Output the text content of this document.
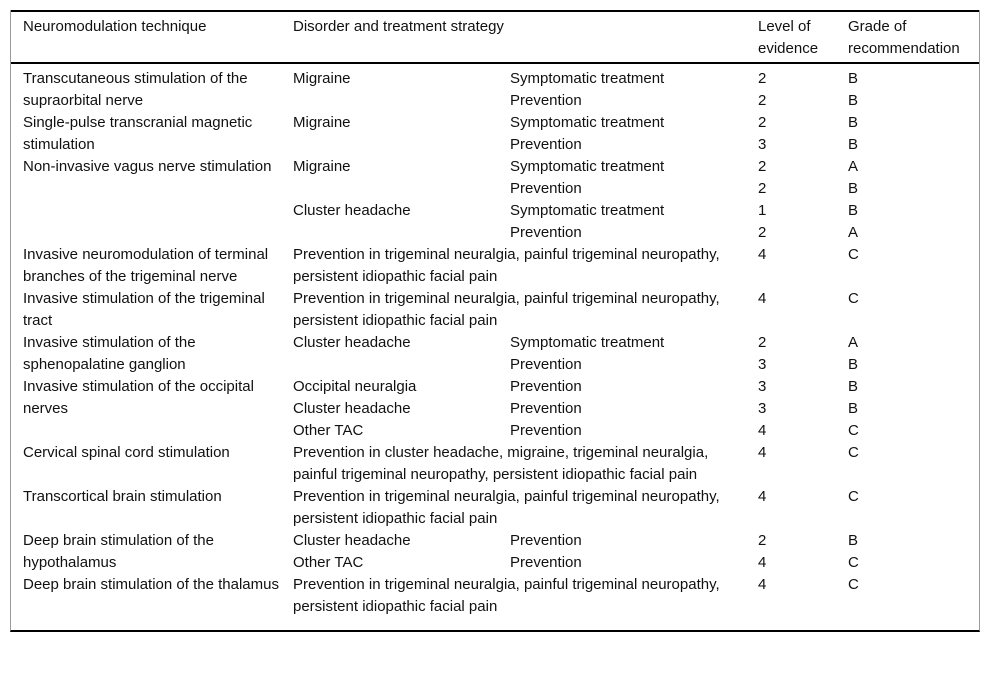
Neuromodulation technique	Disorder and treatment strategy		Level of evidence	Grade of recommendation
Transcutaneous stimulation of the supraorbital nerve	Migraine	Symptomatic treatment	2	B
		Prevention	2	B
Single-pulse transcranial magnetic stimulation	Migraine	Symptomatic treatment	2	B
		Prevention	3	B
Non-invasive vagus nerve stimulation	Migraine	Symptomatic treatment	2	A
		Prevention	2	B
	Cluster headache	Symptomatic treatment	1	B
		Prevention	2	A
Invasive neuromodulation of terminal branches of the trigeminal nerve	Prevention in trigeminal neuralgia, painful trigeminal neuropathy, persistent idiopathic facial pain		4	C
Invasive stimulation of the trigeminal tract	Prevention in trigeminal neuralgia, painful trigeminal neuropathy, persistent idiopathic facial pain		4	C
Invasive stimulation of the sphenopalatine ganglion	Cluster headache	Symptomatic treatment	2	A
		Prevention	3	B
Invasive stimulation of the occipital nerves	Occipital neuralgia	Prevention	3	B
	Cluster headache	Prevention	3	B
	Other TAC	Prevention	4	C
Cervical spinal cord stimulation	Prevention in cluster headache, migraine, trigeminal neuralgia, painful trigeminal neuropathy, persistent idiopathic facial pain		4	C
Transcortical brain stimulation	Prevention in trigeminal neuralgia, painful trigeminal neuropathy, persistent idiopathic facial pain		4	C
Deep brain stimulation of the hypothalamus	Cluster headache	Prevention	2	B
	Other TAC	Prevention	4	C
Deep brain stimulation of the thalamus	Prevention in trigeminal neuralgia, painful trigeminal neuropathy, persistent idiopathic facial pain		4	C
